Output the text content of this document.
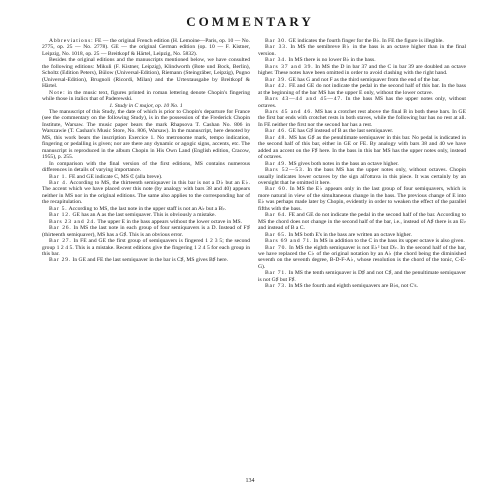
COMMENTARY

Abbreviations: FE — the original French edition (H. Lemoine—Paris, op. 10 — No. 2775, op. 25 — No. 2778). GE — the original German edition (op. 10 — F. Kistner, Leipzig, No. 1018, op. 25 — Breitkopf & Härtel, Leipzig, No. 5832).

Besides the original editions and the manuscripts mentioned below, we have consulted the following editions: Mikuli (F. Kistner, Leipzig), Klindworth (Bote und Bock, Berlin), Scholtz (Edition Peters), Bülow (Universal-Edition), Riemann (Steingräber, Leipzig), Pugno (Universal-Edition), Brugnoli (Ricordi, Milan) and the Urtextausgabe by Breitkopf & Härtel.

Note: in the music text, figures printed in roman lettering denote Chopin's fingering while those in italics that of Paderewski.

1. Study in C major, op. 10 No. 1

The manuscript of this Study, the date of which is prior to Chopin's departure for France (see the commentary on the following Study), is in the possession of the Frederick Chopin Institute, Warsaw. The music paper bears the mark Rhapsova T. Cashan No. 806 in Warszawie (T. Cashan's Music Store, No. 806, Warsaw). In the manuscript, here denoted by MS, this work bears the inscription Exercice 1. No metronome mark, tempo indication, fingering or pedalling is given; nor are there any dynamic or agogic signs, accents, etc. The manuscript is reproduced in the album Chopin in His Own Land (English edition, Cracow, 1955), p. 255.

In comparison with the final version of the first editions, MS contains numerous differences in details of varying importance.

Bar 1. FE and GE indicate C, MS ₵ (alla breve).

Bar 4. According to MS, the thirteenth semiquaver in this bar is not a D♭ but an E♭. The accent which we have placed over this note (by analogy with bars 38 and 40) appears neither in MS nor in the original editions. The same also applies to the corresponding bar of the recapitulation.

Bar 5. According to MS, the last note in the upper staff is not an A♭ but a B♭.

Bar 12. GE has an A as the last semiquaver. This is obviously a mistake.

Bars 23 and 24. The upper E in the bass appears without the lower octave in MS.

Bar 26. In MS the last note in each group of four semiquavers is a D. Instead of F♯ (thirteenth semiquaver), MS has a G♯. This is an obvious error.

Bar 27. In FE and GE the first group of semiquavers is fingered 1 2 3 5; the second group 1 2 4 5. This is a mistake. Recent editions give the fingering 1 2 4 5 for each group in this bar.

Bar 29. In GE and FE the last semiquaver in the bar is C♯, MS gives B♯ here.

Bar 30. GE indicates the fourth finger for the B♭. In FE the figure is illegible.

Bar 33. In MS the semibreve B♭ in the bass is an octave higher than in the final version.

Bar 34. In MS there is no lower B♭ in the bass.

Bars 37 and 39. In MS the D in bar 37 and the C in bar 39 are doubled an octave higher. These notes have been omitted in order to avoid clashing with the right hand.

Bar 39. GE has G and not F as the third semiquaver from the end of the bar.

Bar 42. FE and GE do not indicate the pedal in the second half of this bar. In the bass at the beginning of the bar MS has the upper E only, without the lower octave.

Bars 43—44 and 45—47. In the bass MS has the upper notes only, without octaves.

Bars 45 and 46. MS has a crotchet rest above the final B in both these bars. In GE the first bar ends with crotchet rests in both staves, while the following bar has no rest at all. In FE neither the first nor the second bar has a rest.

Bar 46. GE has G♯ instead of B as the last semiquaver.

Bar 48. MS has G♯ as the penultimate semiquaver in this bar. No pedal is indicated in the second half of this bar, either in GE or FE. By analogy with bars 38 and 40 we have added an accent on the F♯ here. In the bass in this bar MS has the upper notes only, instead of octaves.

Bar 49. MS gives both notes in the bass an octave higher.

Bars 52—53. In the bass MS has the upper notes only, without octaves. Chopin usually indicates lower octaves by the sign all'ottava in this piece. It was certainly by an oversight that he omitted it here.

Bar 60. In MS the E♭ appears only in the last group of four semiquavers, which is more natural in view of the simultaneous change in the bass. The previous change of E into E♭ was perhaps made later by Chopin, evidently in order to weaken the effect of the parallel fifths with the bass.

Bar 64. FE and GE do not indicate the pedal in the second half of the bar. According to MS the chord does not change in the second half of the bar, i.e., instead of A♯ there is an E♭ and instead of B a C.

Bar 65. In MS both E's in the bass are written an octave higher.

Bars 69 and 71. In MS in addition to the C in the bass its upper octave is also given.

Bar 70. In MS the eighth semiquaver is not E♭² but D♭. In the second half of the bar, we have replaced the C♭ of the original notation by an A♭ (the chord being the diminished seventh on the seventh degree, B-D-F-A♭, whose resolution is the chord of the tonic, C-E-G).

Bar 71. In MS the tenth semiquaver is D♯ and not C♯, and the penultimate semiquaver is not G♯ but F♯.

Bar 73. In MS the fourth and eighth semiquavers are B♭s, not C's.

134
